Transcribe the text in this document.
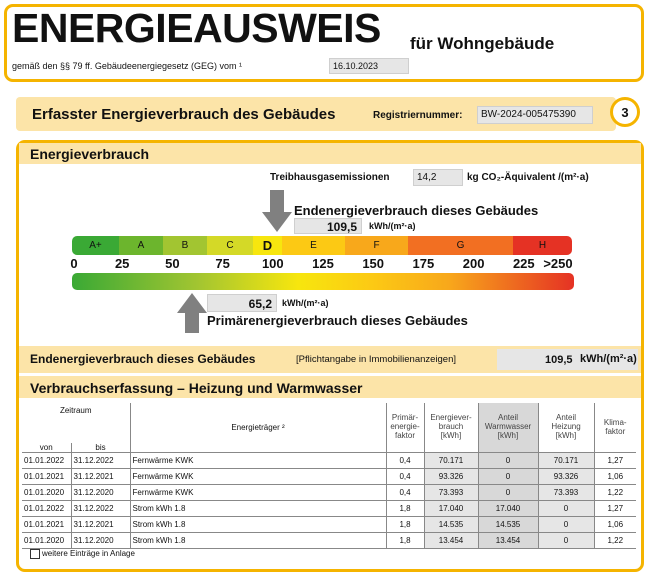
ENERGIEAUSWEIS für Wohngebäude
gemäß den §§ 79 ff. Gebäudeenergiegesetz (GEG) vom ¹	16.10.2023
Erfasster Energieverbrauch des Gebäudes	Registriernummer:	BW-2024-005475390	3
Energieverbrauch
Treibhausgasemissionen	14,2	kg CO₂-Äquivalent /(m²·a)
Endenergieverbrauch dieses Gebäudes
109,5	kWh/(m²·a)
A+	A	B	C	D	E	F	G	H
0	25	50	75	100	125	150	175	200	225 >250
65,2	kWh/(m²·a)
Primärenergieverbrauch dieses Gebäudes
Endenergieverbrauch dieses Gebäudes	[Pflichtangabe in Immobilienanzeigen]	109,5 kWh/(m²·a)
Verbrauchserfassung – Heizung und Warmwasser
Zeitraum		Energieträger ²	Primär-
energie-
faktor	Energiever-
brauch
[kWh]	Anteil
Warmwasser
[kWh]	Anteil
Heizung
[kWh]	Klima-
faktor
von	bis						
01.01.2022	31.12.2022	Fernwärme KWK	0,4	70.171	0	70.171	1,27
01.01.2021	31.12.2021	Fernwärme KWK	0,4	93.326	0	93.326	1,06
01.01.2020	31.12.2020	Fernwärme KWK	0,4	73.393	0	73.393	1,22
01.01.2022	31.12.2022	Strom kWh 1.8	1,8	17.040	17.040	0	1,27
01.01.2021	31.12.2021	Strom kWh 1.8	1,8	14.535	14.535	0	1,06
01.01.2020	31.12.2020	Strom kWh 1.8	1,8	13.454	13.454	0	1,22
weitere Einträge in Anlage
